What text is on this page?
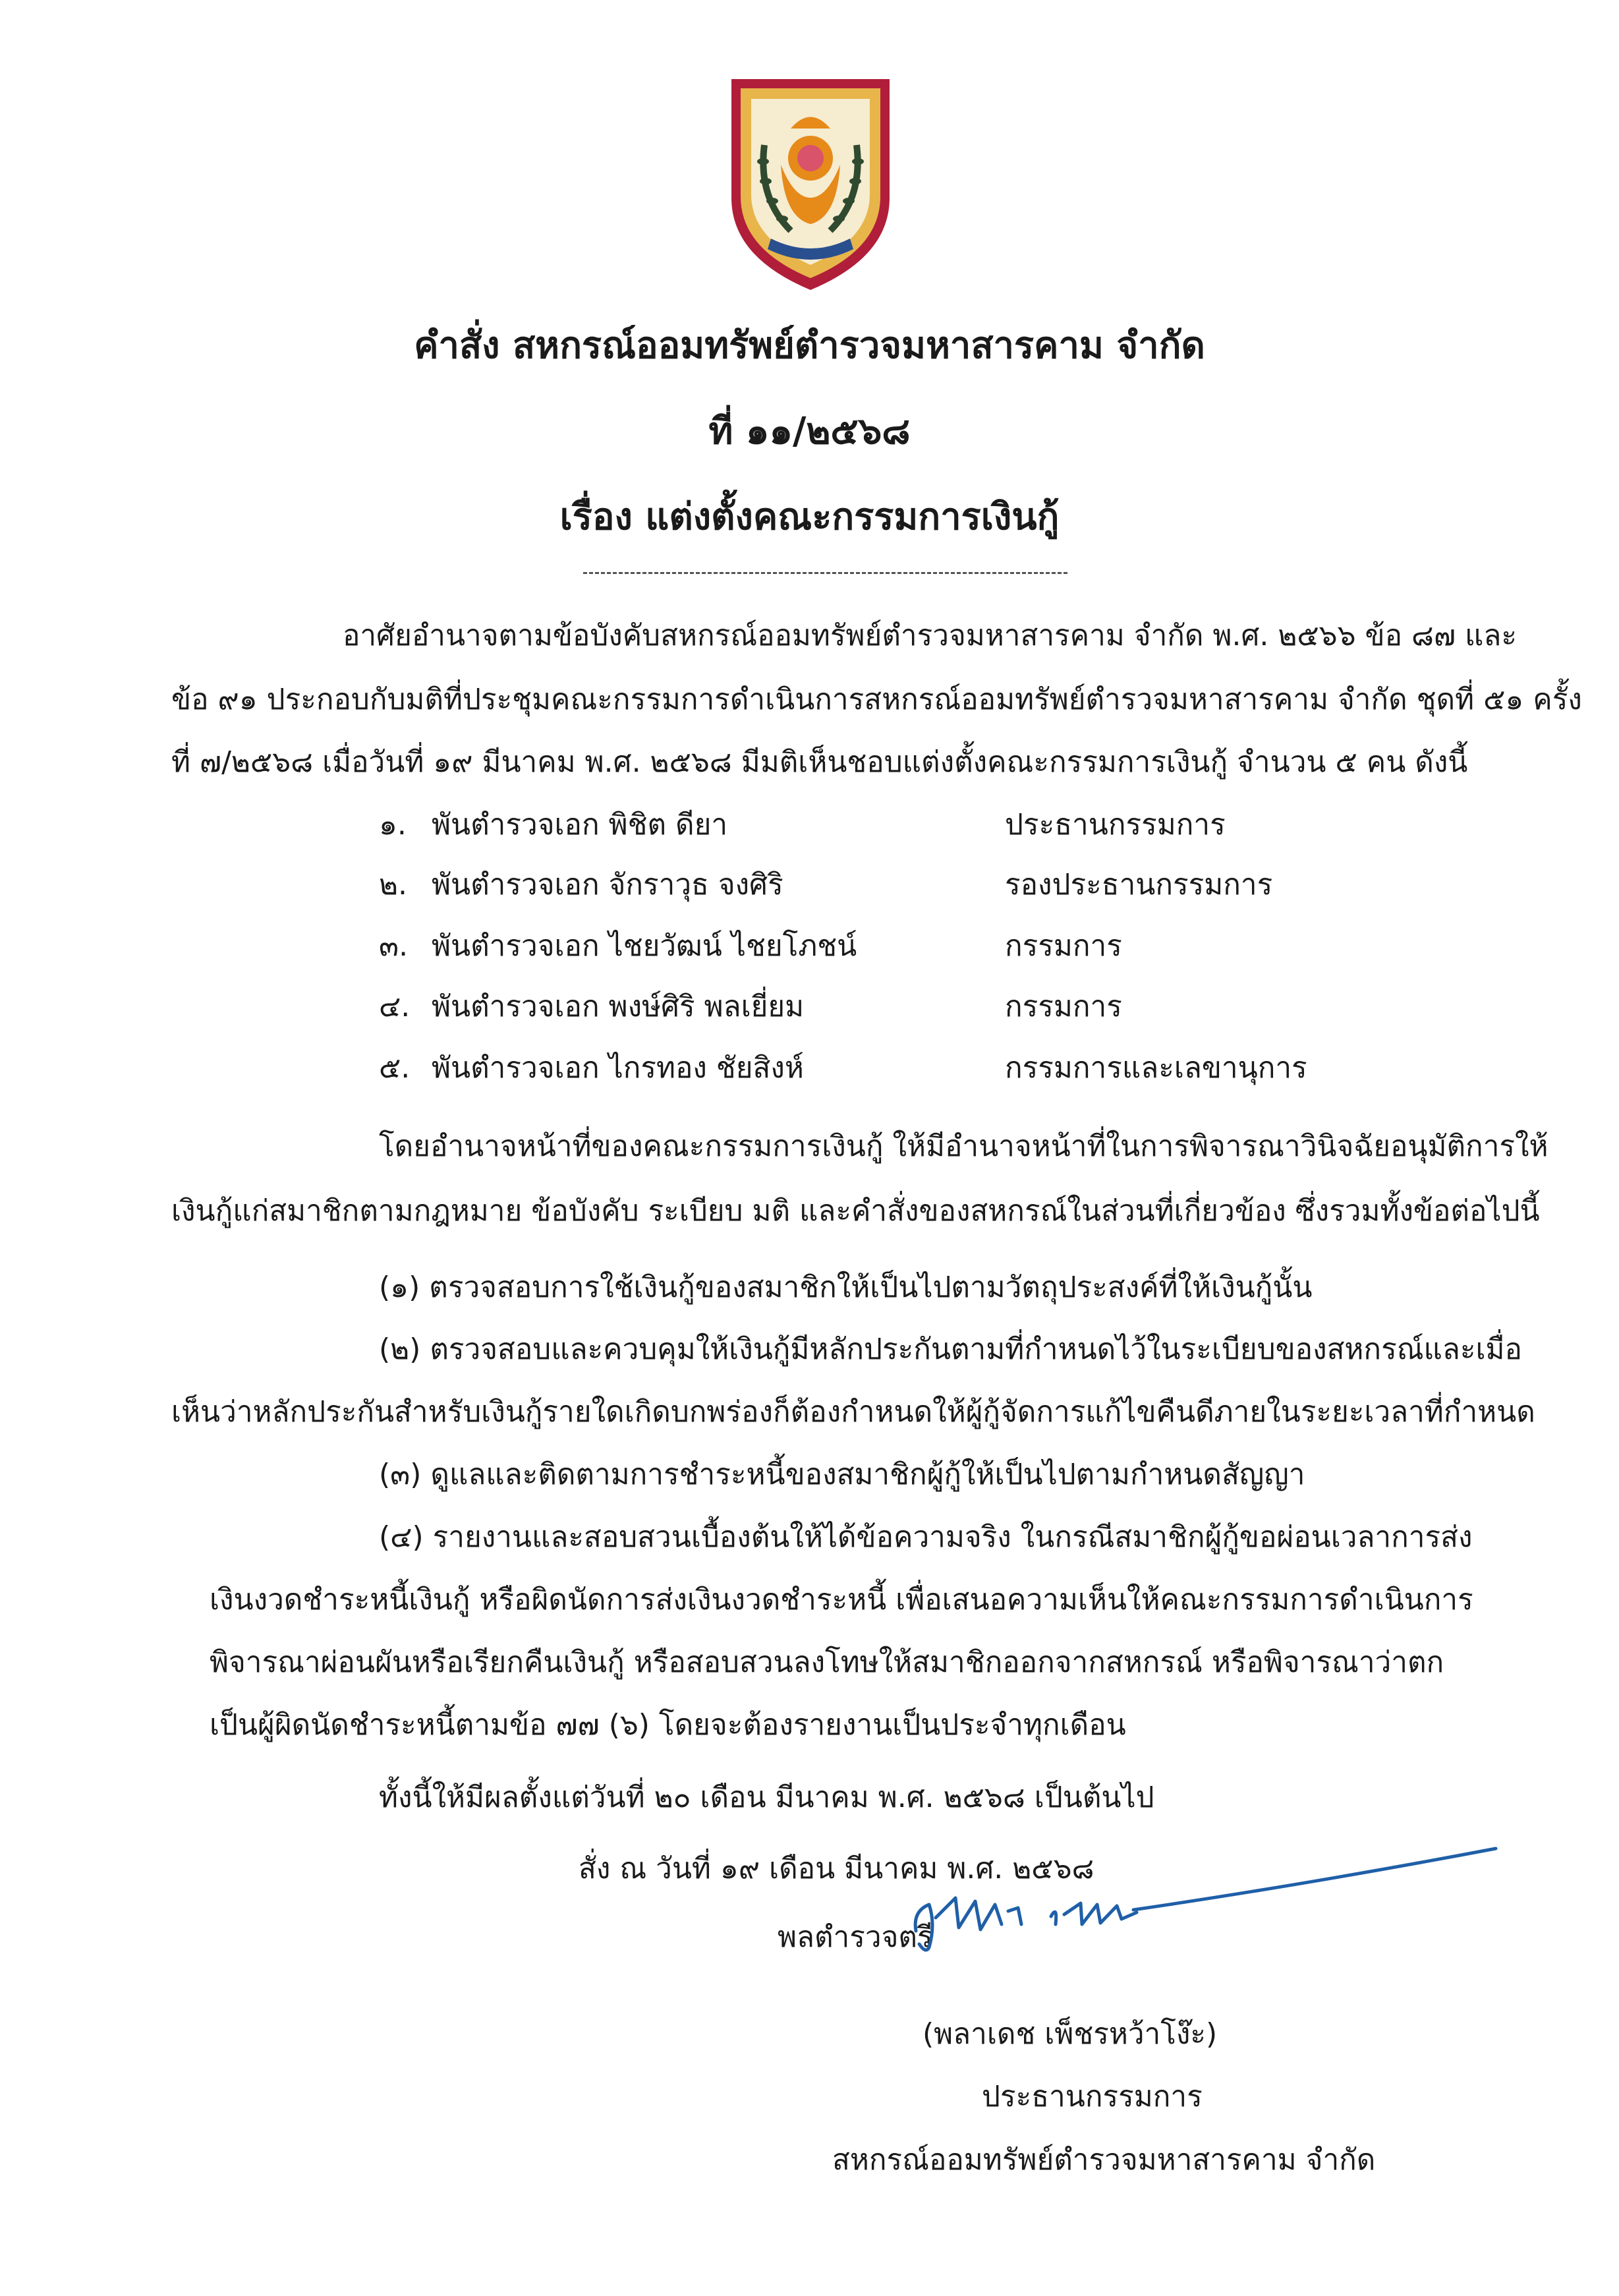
คำสั่ง สหกรณ์ออมทรัพย์ตำรวจมหาสารคาม จำกัด
ที่ ๑๑/๒๕๖๘
เรื่อง แต่งตั้งคณะกรรมการเงินกู้
อาศัยอำนาจตามข้อบังคับสหกรณ์ออมทรัพย์ตำรวจมหาสารคาม จำกัด พ.ศ. ๒๕๖๖ ข้อ ๘๗ และ
ข้อ ๙๑ ประกอบกับมติที่ประชุมคณะกรรมการดำเนินการสหกรณ์ออมทรัพย์ตำรวจมหาสารคาม จำกัด ชุดที่ ๕๑ ครั้ง
ที่ ๗/๒๕๖๘ เมื่อวันที่ ๑๙ มีนาคม พ.ศ. ๒๕๖๘ มีมติเห็นชอบแต่งตั้งคณะกรรมการเงินกู้ จำนวน ๕ คน ดังนี้
๑. พันตำรวจเอก พิชิต ดียา	ประธานกรรมการ
๒. พันตำรวจเอก จักราวุธ จงศิริ	รองประธานกรรมการ
๓. พันตำรวจเอก ไชยวัฒน์ ไชยโภชน์	กรรมการ
๔. พันตำรวจเอก พงษ์ศิริ พลเยี่ยม	กรรมการ
๕. พันตำรวจเอก ไกรทอง ชัยสิงห์	กรรมการและเลขานุการ
โดยอำนาจหน้าที่ของคณะกรรมการเงินกู้ ให้มีอำนาจหน้าที่ในการพิจารณาวินิจฉัยอนุมัติการให้
เงินกู้แก่สมาชิกตามกฎหมาย ข้อบังคับ ระเบียบ มติ และคำสั่งของสหกรณ์ในส่วนที่เกี่ยวข้อง ซึ่งรวมทั้งข้อต่อไปนี้
(๑) ตรวจสอบการใช้เงินกู้ของสมาชิกให้เป็นไปตามวัตถุประสงค์ที่ให้เงินกู้นั้น
(๒) ตรวจสอบและควบคุมให้เงินกู้มีหลักประกันตามที่กำหนดไว้ในระเบียบของสหกรณ์และเมื่อ
เห็นว่าหลักประกันสำหรับเงินกู้รายใดเกิดบกพร่องก็ต้องกำหนดให้ผู้กู้จัดการแก้ไขคืนดีภายในระยะเวลาที่กำหนด
(๓) ดูแลและติดตามการชำระหนี้ของสมาชิกผู้กู้ให้เป็นไปตามกำหนดสัญญา
(๔) รายงานและสอบสวนเบื้องต้นให้ได้ข้อความจริง ในกรณีสมาชิกผู้กู้ขอผ่อนเวลาการส่ง
เงินงวดชำระหนี้เงินกู้ หรือผิดนัดการส่งเงินงวดชำระหนี้ เพื่อเสนอความเห็นให้คณะกรรมการดำเนินการ
พิจารณาผ่อนผันหรือเรียกคืนเงินกู้ หรือสอบสวนลงโทษให้สมาชิกออกจากสหกรณ์ หรือพิจารณาว่าตก
เป็นผู้ผิดนัดชำระหนี้ตามข้อ ๗๗ (๖) โดยจะต้องรายงานเป็นประจำทุกเดือน
ทั้งนี้ให้มีผลตั้งแต่วันที่ ๒๐ เดือน มีนาคม พ.ศ. ๒๕๖๘ เป็นต้นไป
สั่ง ณ วันที่ ๑๙ เดือน มีนาคม พ.ศ. ๒๕๖๘
พลตำรวจตรี
(พลาเดช เพ็ชรหว้าโง๊ะ)
ประธานกรรมการ
สหกรณ์ออมทรัพย์ตำรวจมหาสารคาม จำกัด
